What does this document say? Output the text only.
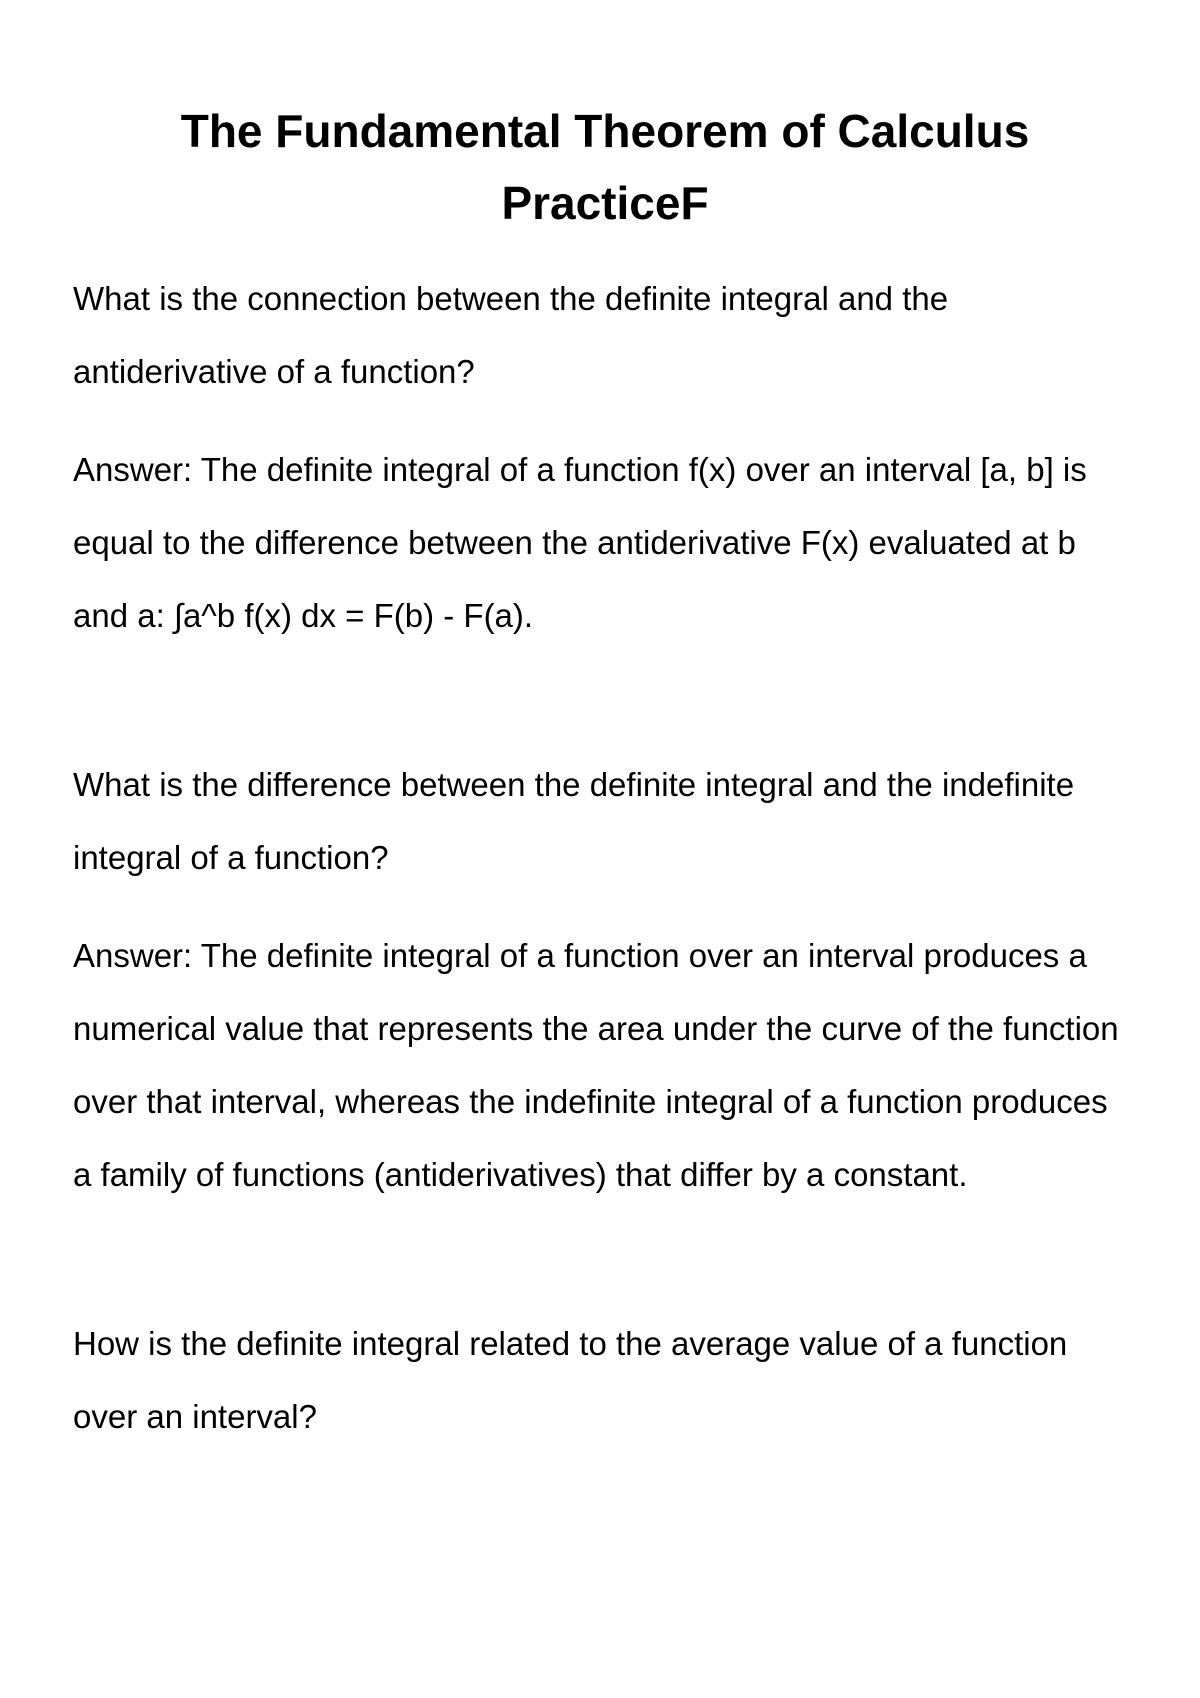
The Fundamental Theorem of Calculus
PracticeF

What is the connection between the definite integral and the antiderivative of a function?

Answer: The definite integral of a function f(x) over an interval [a, b] is equal to the difference between the antiderivative F(x) evaluated at b and a: ∫a^b f(x) dx = F(b) - F(a).

What is the difference between the definite integral and the indefinite integral of a function?

Answer: The definite integral of a function over an interval produces a numerical value that represents the area under the curve of the function over that interval, whereas the indefinite integral of a function produces a family of functions (antiderivatives) that differ by a constant.

How is the definite integral related to the average value of a function over an interval?
